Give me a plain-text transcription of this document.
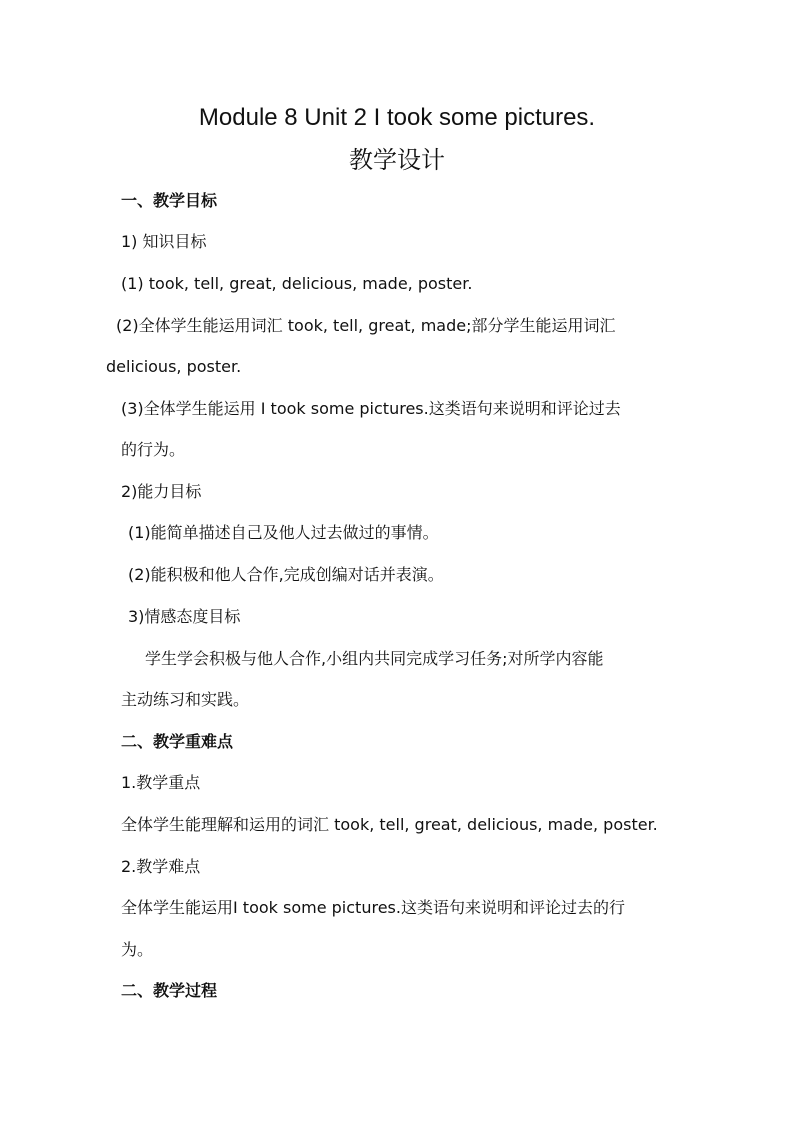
Module 8 Unit 2 I took some pictures.
教学设计
一、教学目标
1) 知识目标
(1) took, tell, great, delicious, made, poster.
(2)全体学生能运用词汇 took, tell, great, made;部分学生能运用词汇
delicious, poster.
(3)全体学生能运用 I took some pictures.这类语句来说明和评论过去
的行为。
2)能力目标
(1)能简单描述自己及他人过去做过的事情。
(2)能积极和他人合作,完成创编对话并表演。
3)情感态度目标
学生学会积极与他人合作,小组内共同完成学习任务;对所学内容能
主动练习和实践。
二、教学重难点
1.教学重点
全体学生能理解和运用的词汇 took, tell, great, delicious, made, poster.
2.教学难点
全体学生能运用I took some pictures.这类语句来说明和评论过去的行
为。
二、教学过程
